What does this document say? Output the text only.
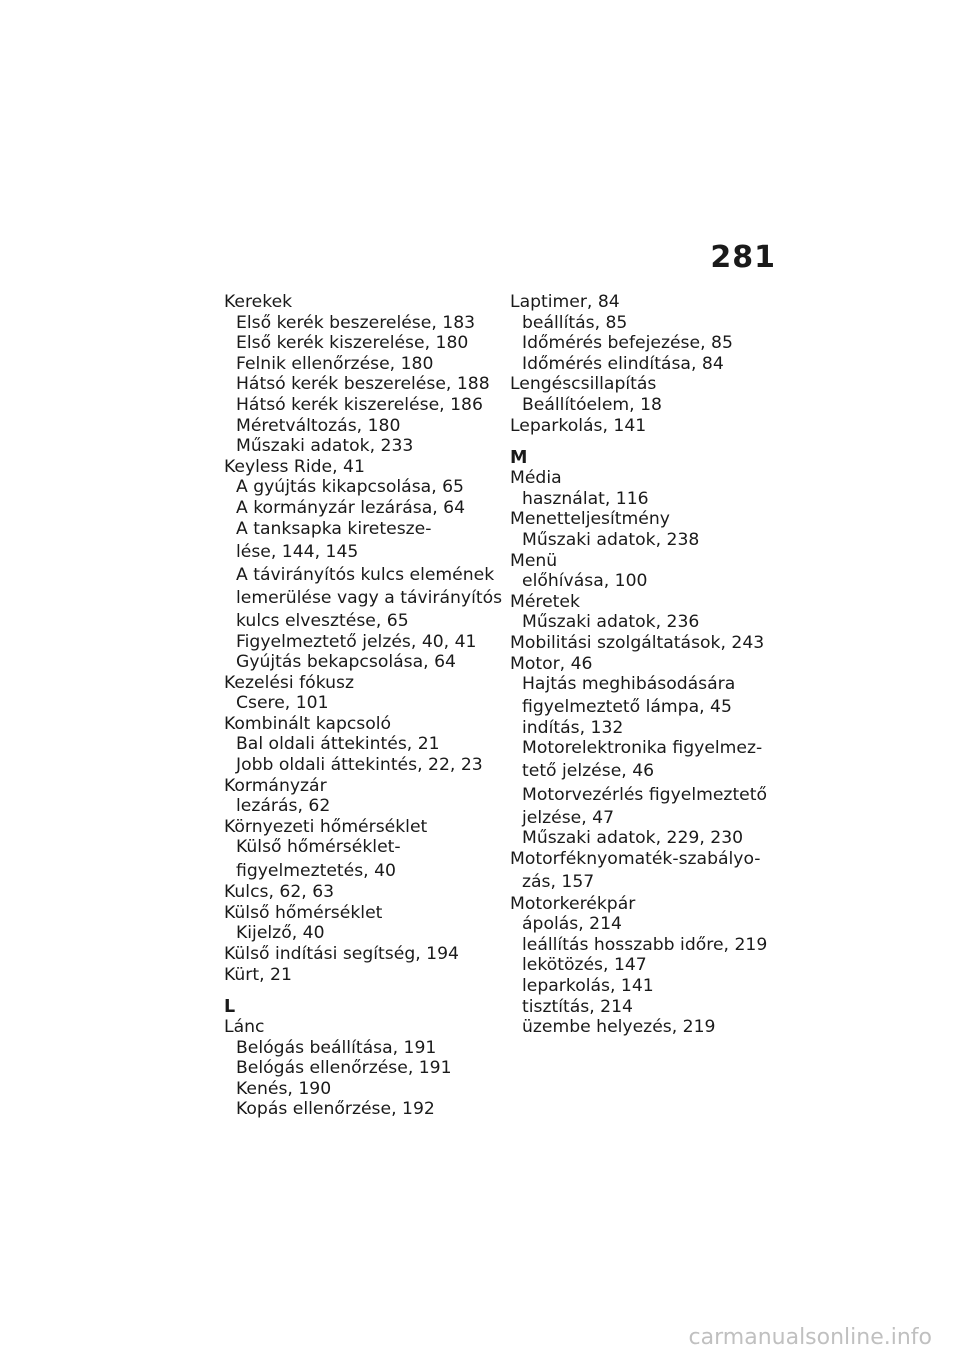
281
Kerekek
Első kerék beszerelése, 183
Első kerék kiszerelése, 180
Felnik ellenőrzése, 180
Hátsó kerék beszerelése, 188
Hátsó kerék kiszerelése, 186
Méretváltozás, 180
Műszaki adatok, 233
Keyless Ride, 41
A gyújtás kikapcsolása, 65
A kormányzár lezárása, 64
A tanksapka kiretesze-
lése, 144, 145
A távirányítós kulcs elemének
lemerülése vagy a távirányítós
kulcs elvesztése, 65
Figyelmeztető jelzés, 40, 41
Gyújtás bekapcsolása, 64
Kezelési fókusz
Csere, 101
Kombinált kapcsoló
Bal oldali áttekintés, 21
Jobb oldali áttekintés, 22, 23
Kormányzár
lezárás, 62
Környezeti hőmérséklet
Külső hőmérséklet-
figyelmeztetés, 40
Kulcs, 62, 63
Külső hőmérséklet
Kijelző, 40
Külső indítási segítség, 194
Kürt, 21
L
Lánc
Belógás beállítása, 191
Belógás ellenőrzése, 191
Kenés, 190
Kopás ellenőrzése, 192
Laptimer, 84
beállítás, 85
Időmérés befejezése, 85
Időmérés elindítása, 84
Lengéscsillapítás
Beállítóelem, 18
Leparkolás, 141
M
Média
használat, 116
Menetteljesítmény
Műszaki adatok, 238
Menü
előhívása, 100
Méretek
Műszaki adatok, 236
Mobilitási szolgáltatások, 243
Motor, 46
Hajtás meghibásodására
figyelmeztető lámpa, 45
indítás, 132
Motorelektronika figyelmez-
tető jelzése, 46
Motorvezérlés figyelmeztető
jelzése, 47
Műszaki adatok, 229, 230
Motorféknyomaték-szabályo-
zás, 157
Motorkerékpár
ápolás, 214
leállítás hosszabb időre, 219
lekötözés, 147
leparkolás, 141
tisztítás, 214
üzembe helyezés, 219
carmanualsonline.info
